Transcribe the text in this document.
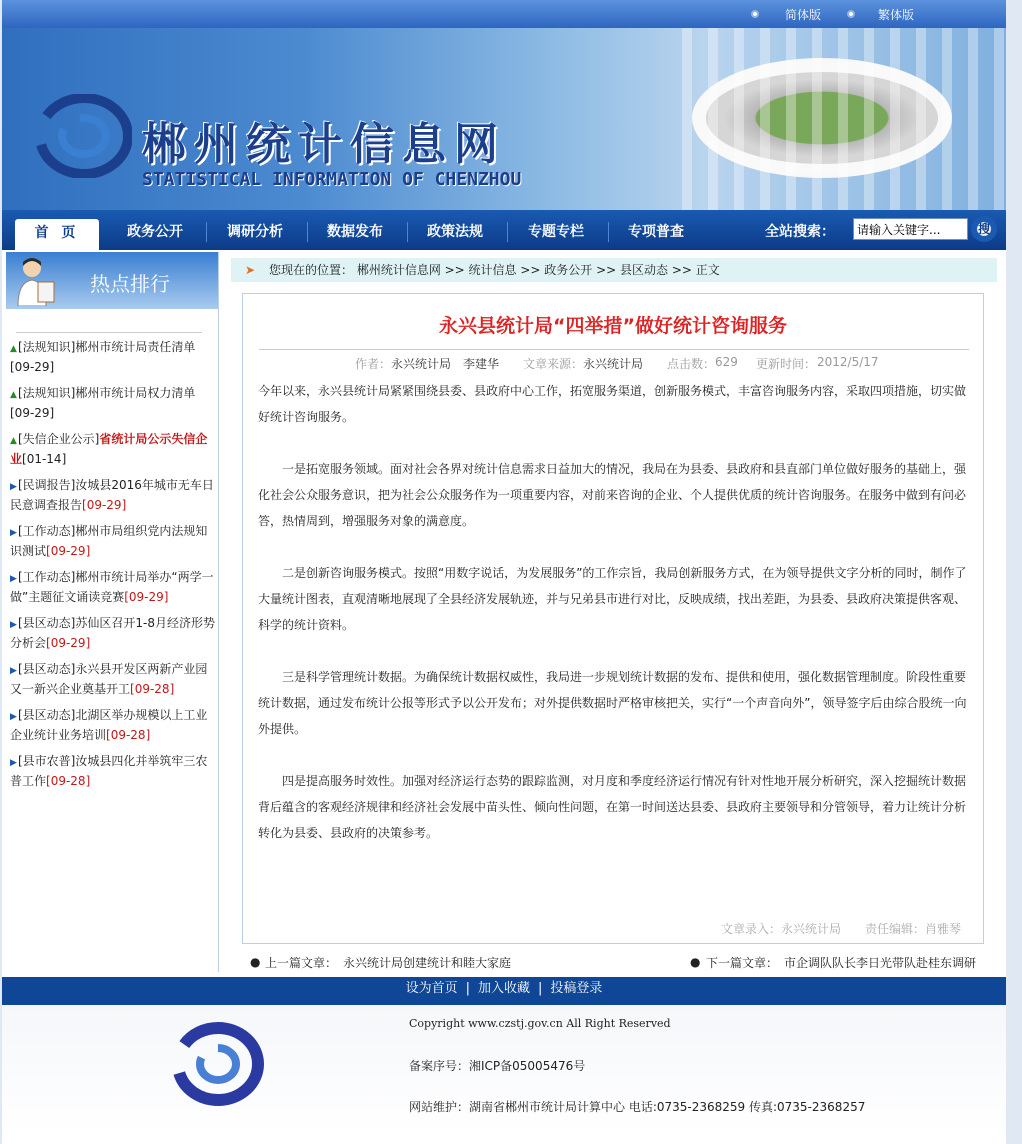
简体版	繁体版
郴州统计信息网
STATISTICAL INFORMATION OF CHENZHOU
首 页	政务公开	调研分析	数据发布	政策法规	专题专栏	专项普查	全站搜索：
请输入关键字...	搜
热点排行
▲[法规知识]郴州市统计局责任清单
[09-29]
▲[法规知识]郴州市统计局权力清单
[09-29]
▲[失信企业公示]省统计局公示失信企业[01-14]
▶[民调报告]汝城县2016年城市无车日民意调查报告[09-29]
▶[工作动态]郴州市局组织党内法规知识测试[09-29]
▶[工作动态]郴州市统计局举办“两学一做”主题征文诵读竞赛[09-29]
▶[县区动态]苏仙区召开1-8月经济形势分析会[09-29]
▶[县区动态]永兴县开发区两新产业园又一新兴企业奠基开工[09-28]
▶[县区动态]北湖区举办规模以上工业企业统计业务培训[09-28]
▶[县市农普]汝城县四化并举筑牢三农普工作[09-28]
➤ 您现在的位置： 郴州统计信息网 >> 统计信息 >> 政务公开 >> 县区动态 >> 正文
永兴县统计局“四举措”做好统计咨询服务
作者： 永兴统计局　李建华 文章来源： 永兴统计局 点击数： 629 更新时间： 2012/5/17

今年以来，永兴县统计局紧紧围绕县委、县政府中心工作，拓宽服务渠道，创新服务模式，丰富咨询服务内容，采取四项措施，切实做好统计咨询服务。

　　一是拓宽服务领域。面对社会各界对统计信息需求日益加大的情况，我局在为县委、县政府和县直部门单位做好服务的基础上，强化社会公众服务意识，把为社会公众服务作为一项重要内容，对前来咨询的企业、个人提供优质的统计咨询服务。在服务中做到有问必答，热情周到，增强服务对象的满意度。

　　二是创新咨询服务模式。按照“用数字说话，为发展服务”的工作宗旨，我局创新服务方式，在为领导提供文字分析的同时，制作了大量统计图表，直观清晰地展现了全县经济发展轨迹，并与兄弟县市进行对比，反映成绩，找出差距，为县委、县政府决策提供客观、科学的统计资料。

　　三是科学管理统计数据。为确保统计数据权威性，我局进一步规划统计数据的发布、提供和使用，强化数据管理制度。阶段性重要统计数据，通过发布统计公报等形式予以公开发布；对外提供数据时严格审核把关，实行“一个声音向外”，领导签字后由综合股统一向外提供。

　　四是提高服务时效性。加强对经济运行态势的跟踪监测，对月度和季度经济运行情况有针对性地开展分析研究，深入挖掘统计数据背后蕴含的客观经济规律和经济社会发展中苗头性、倾向性问题，在第一时间送达县委、县政府主要领导和分管领导，着力让统计分析转化为县委、县政府的决策参考。

文章录入： 永兴统计局 责任编辑： 肖雅琴
● 上一篇文章： 永兴统计局创建统计和睦大家庭	● 下一篇文章： 市企调队队长李日光带队赴桂东调研
设为首页 | 加入收藏 | 投稿登录
Copyright www.czstj.gov.cn All Right Reserved
备案序号：湘ICP备05005476号
网站维护：湖南省郴州市统计局计算中心 电话:0735-2368259 传真:0735-2368257
